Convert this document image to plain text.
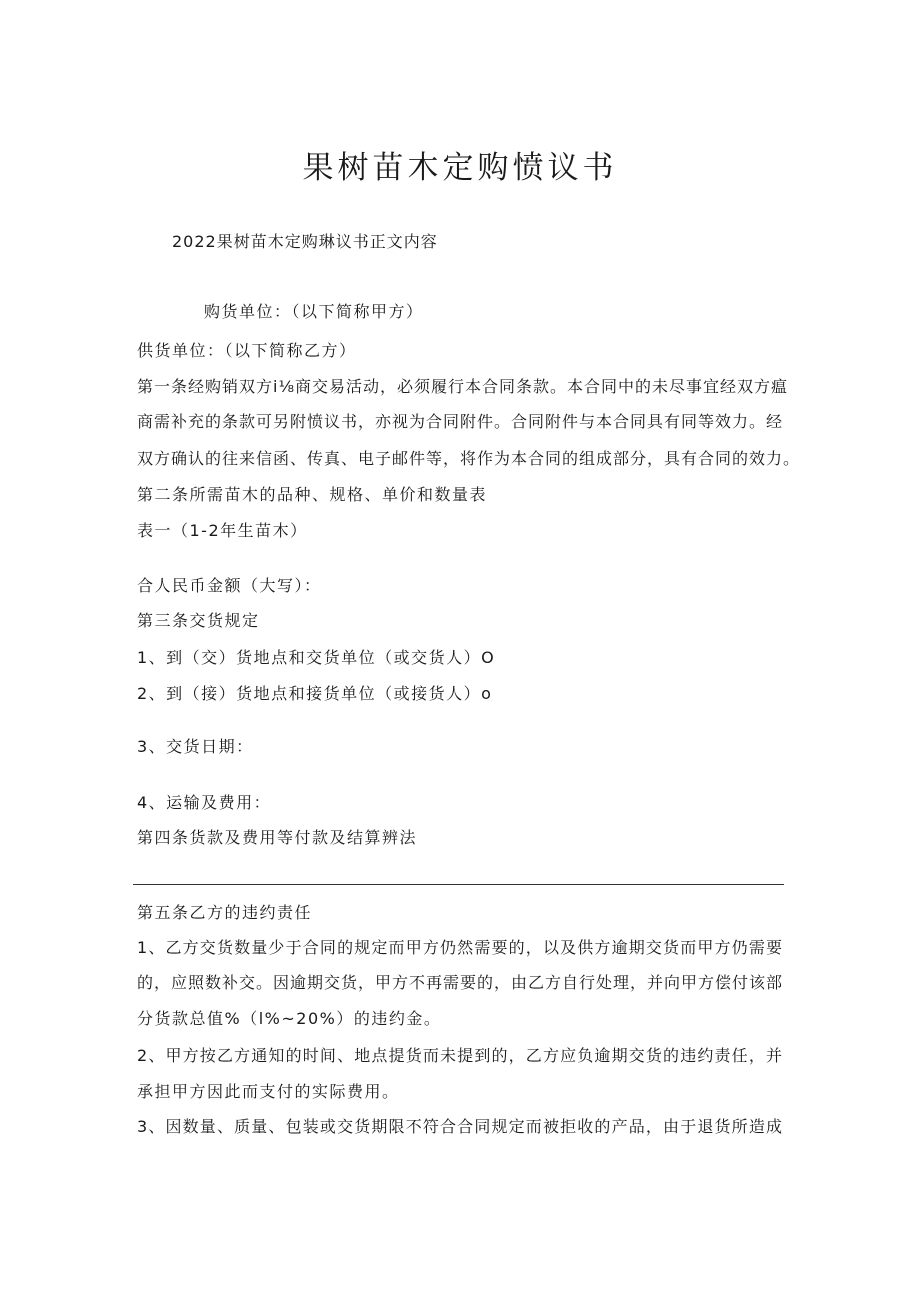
果树苗木定购愤议书

2022果树苗木定购琳议书正文内容

购货单位：（以下简称甲方）

供货单位：（以下简称乙方）

第一条经购销双方i⅛商交易活动，必须履行本合同条款。本合同中的未尽事宜经双方瘟

商需补充的条款可另附愤议书，亦视为合同附件。合同附件与本合同具有同等效力。经

双方确认的往来信函、传真、电子邮件等，将作为本合同的组成部分，具有合同的效力。

第二条所需苗木的品种、规格、单价和数量表

表一（1-2年生苗木）

合人民币金额（大写）：

第三条交货规定

1、到（交）货地点和交货单位（或交货人）O

2、到（接）货地点和接货单位（或接货人）o

3、交货日期：

4、运输及费用：

第四条货款及费用等付款及结算辨法

第五条乙方的违约责任

1、乙方交货数量少于合同的规定而甲方仍然需要的，以及供方逾期交货而甲方仍需要

的，应照数补交。因逾期交货，甲方不再需要的，由乙方自行处理，并向甲方偿付该部

分货款总值%（l%~20%）的违约金。

2、甲方按乙方通知的时间、地点提货而未提到的，乙方应负逾期交货的违约责任，并

承担甲方因此而支付的实际费用。

3、因数量、质量、包装或交货期限不符合合同规定而被拒收的产品，由于退货所造成
